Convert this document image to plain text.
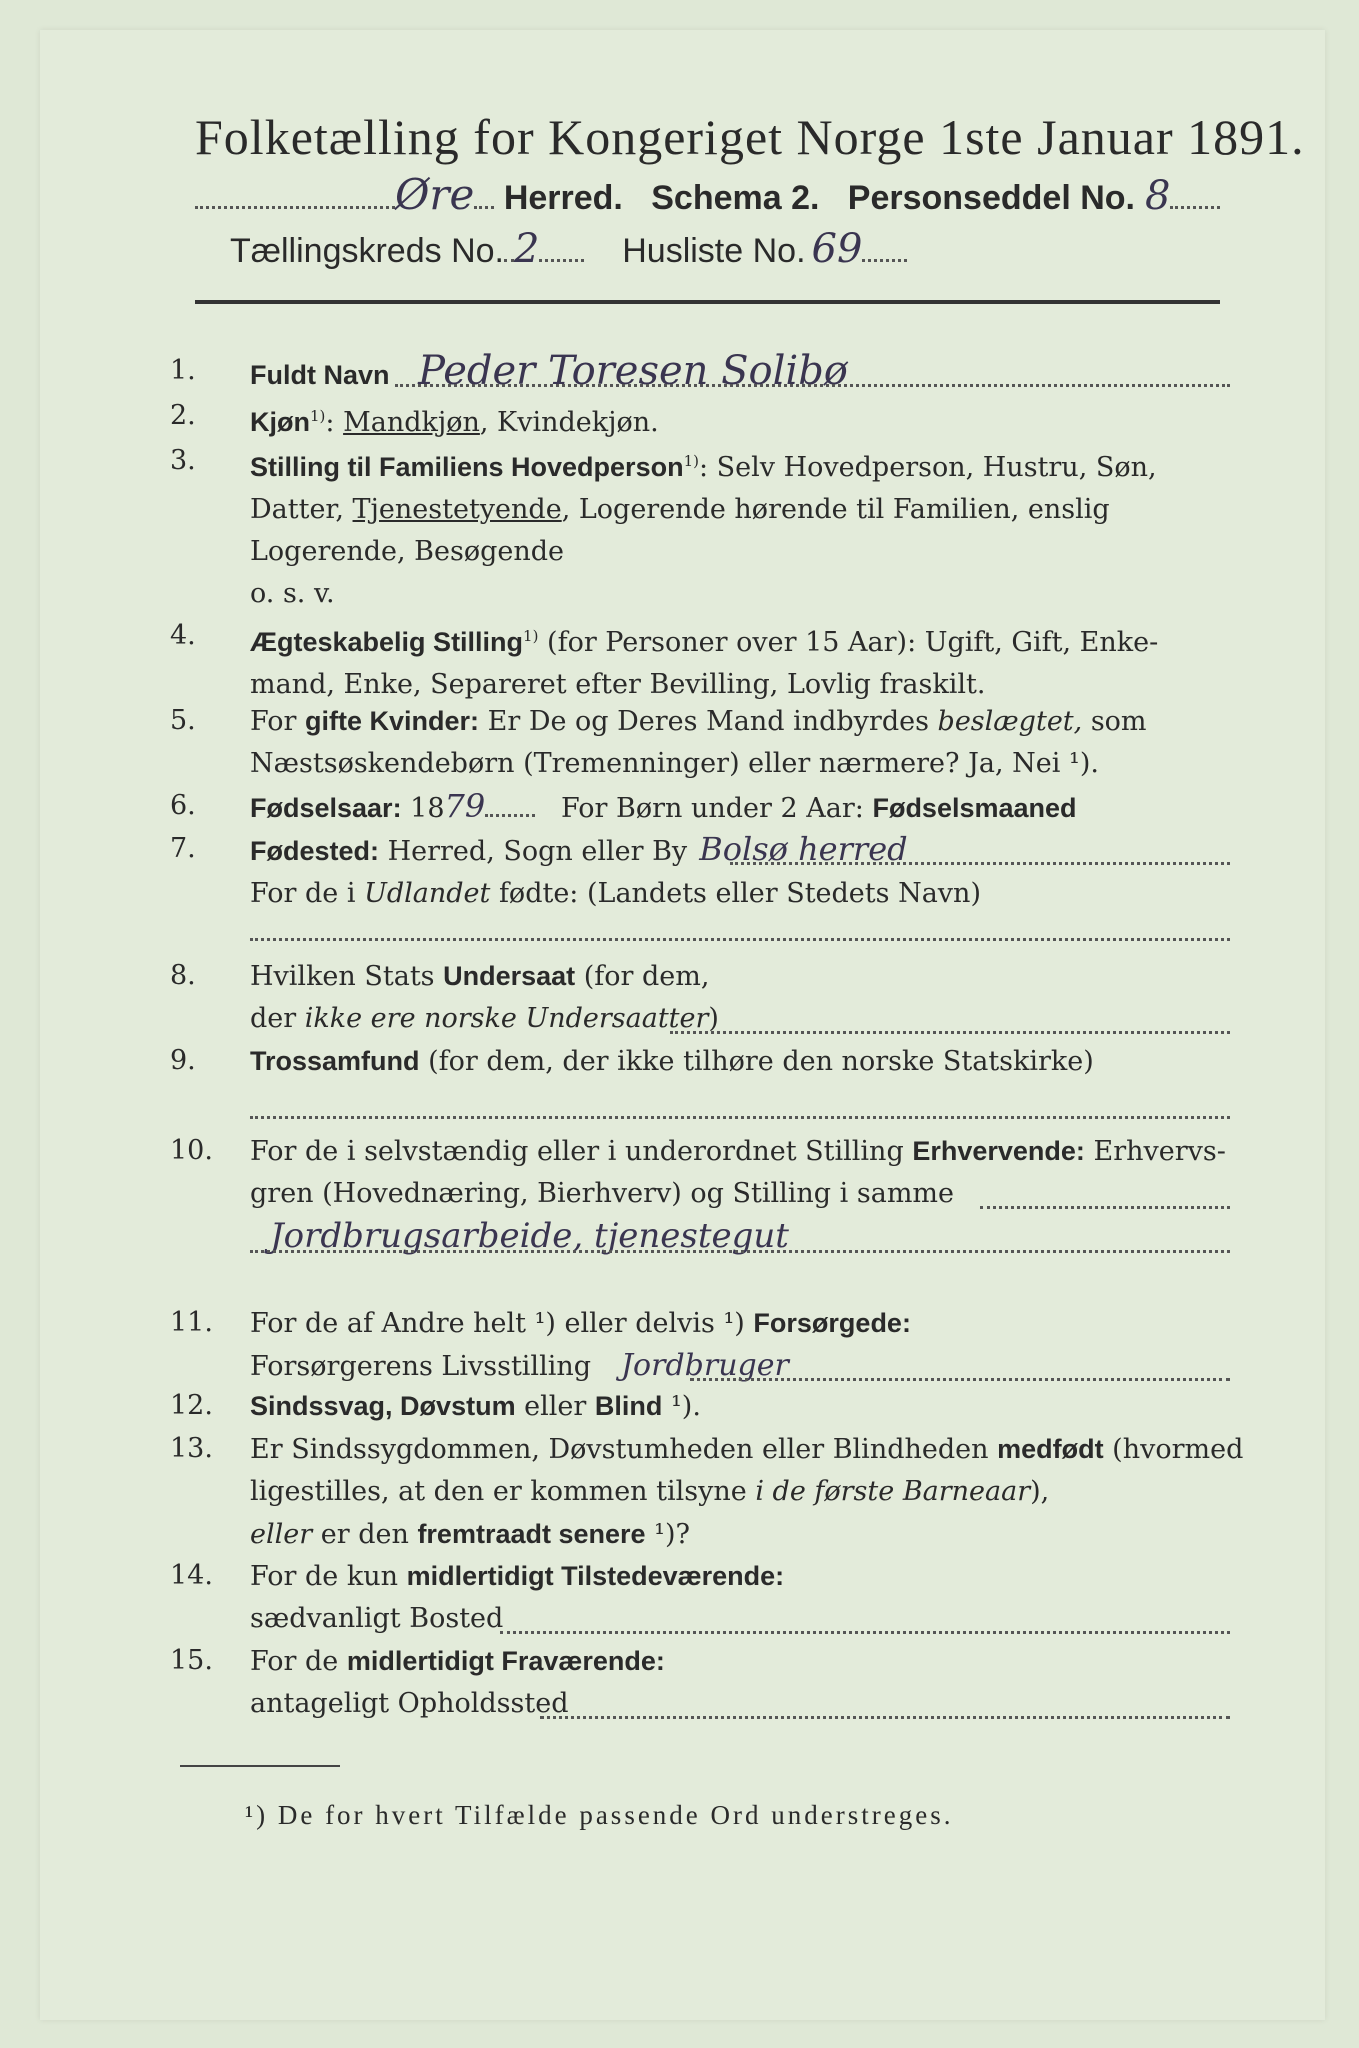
Folketælling for Kongeriget Norge 1ste Januar 1891.
Øre Herred. Schema 2. Personseddel No. 8
Tællingskreds No. 2 Husliste No. 69
1.	Fuldt Navn Peder Toresen Solibø
2.	Kjøn$^{1)}$: Mandkjøn, Kvindekjøn.
3.	Stilling til Familiens Hovedperson$^{1)}$: Selv Hovedperson, Hustru, Søn,
Datter, Tjenestetyende, Logerende hørende til Familien, enslig
Logerende, Besøgende
o. s. v.
4.	Ægteskabelig Stilling$^{1)}$ (for Personer over 15 Aar): Ugift, Gift, Enke-
mand, Enke, Separeret efter Bevilling, Lovlig fraskilt.
5.	For gifte Kvinder: Er De og Deres Mand indbyrdes beslægtet, som
Næstsøskendebørn (Tremenninger) eller nærmere? Ja, Nei ¹).
6.	Fødselsaar: 1879	For Børn under 2 Aar: Fødselsmaaned
7.	Fødested: Herred, Sogn eller By Bolsø herred
For de i Udlandet fødte: (Landets eller Stedets Navn)
8.	Hvilken Stats Undersaat (for dem,
der ikke ere norske Undersaatter)
9.	Trossamfund (for dem, der ikke tilhøre den norske Statskirke)
10.	For de i selvstændig eller i underordnet Stilling Erhvervende: Erhvervs-
gren (Hovednæring, Bierhverv) og Stilling i samme
Jordbrugsarbeide, tjenestegut
11.	For de af Andre helt ¹) eller delvis ¹) Forsørgede:
Forsørgerens Livsstilling Jordbruger
12.	Sindssvag, Døvstum eller Blind ¹).
13.	Er Sindssygdommen, Døvstumheden eller Blindheden medfødt (hvormed
ligestilles, at den er kommen tilsyne i de første Barneaar),
eller er den fremtraadt senere ¹)?
14.	For de kun midlertidigt Tilstedeværende:
sædvanligt Bosted
15.	For de midlertidigt Fraværende:
antageligt Opholdssted
¹) De for hvert Tilfælde passende Ord understreges.
